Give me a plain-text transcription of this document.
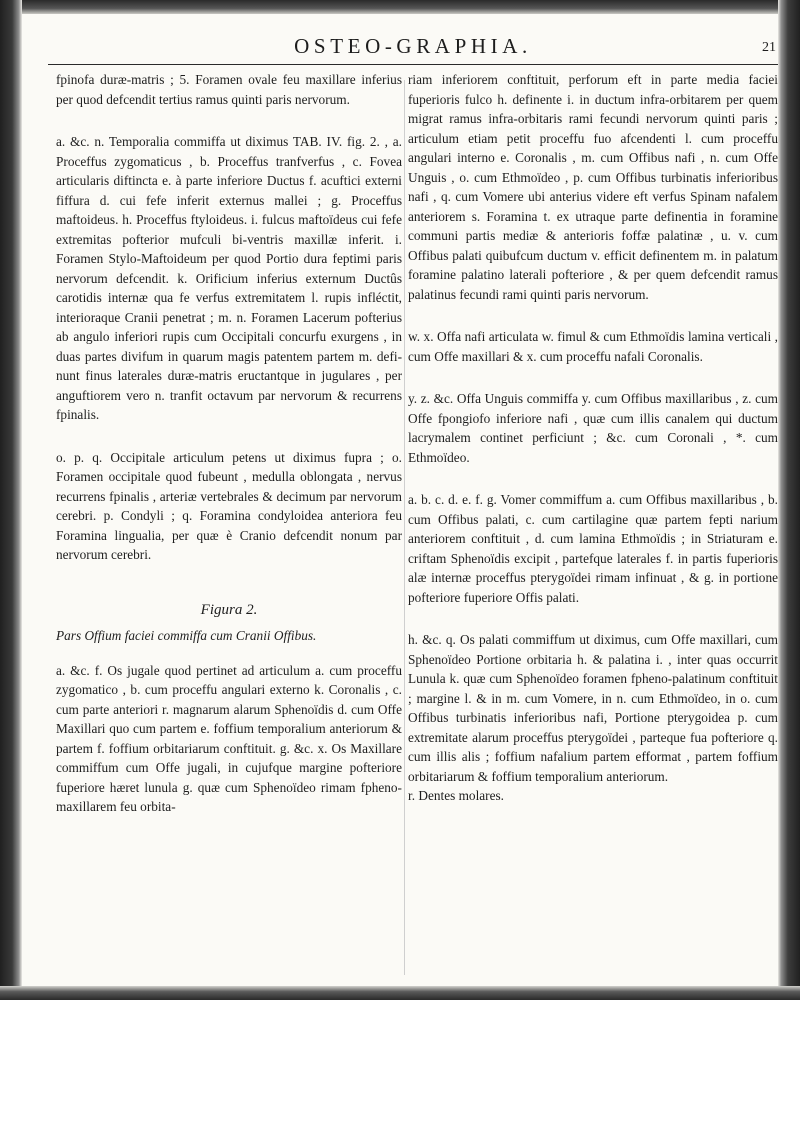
OSTEO-GRAPHIA.	21

fpinofa duræ-matris ; 5. Foramen ovale feu maxillare inferius per quod defcendit tertius ramus quinti paris nervorum.

a. &c. n. Temporalia commiffa ut diximus TAB. IV. fig. 2. , a. Proceffus zygomaticus , b. Proceffus tranfverfus , c. Fovea articularis diftincta e. à parte inferiore Ductus f. acuftici externi fiffura d. cui fefe inferit externus mallei ; g. Proceffus maftoideus. h. Proceffus ftyloideus. i. fulcus maftoïdeus cui fefe extremitas pofterior mufculi bi-ventris maxillæ inferit. i. Foramen Stylo-Maftoideum per quod Portio dura feptimi paris nervorum defcendit. k. Orificium inferius externum Ductûs carotidis internæ qua fe verfus extremitatem l. rupis infléctit, interioraque Cranii penetrat ; m. n. Foramen Lacerum pofterius ab angulo inferiori rupis cum Occipitali concurfu exurgens , in duas partes divifum in quarum magis patentem partem m. definunt finus laterales duræ-matris eructantque in jugulares , per anguftiorem vero n. tranfit octavum par nervorum & recurrens fpinalis.

o. p. q. Occipitale articulum petens ut diximus fupra ; o. Foramen occipitale quod fubeunt , medulla oblongata , nervus recurrens fpinalis , arteriæ vertebrales & decimum par nervorum cerebri. p. Condyli ; q. Foramina condyloidea anteriora feu Foramina lingualia, per quæ è Cranio defcendit nonum par nervorum cerebri.

Figura 2.

Pars Offium faciei commiffa cum Cranii Offibus.

a. &c. f. Os jugale quod pertinet ad articulum a. cum proceffu zygomatico , b. cum proceffu angulari externo k. Coronalis , c. cum parte anteriori r. magnarum alarum Sphenoïdis d. cum Offe Maxillari quo cum partem e. foffium temporalium anteriorum & partem f. foffium orbitariarum conftituit. g. &c. x. Os Maxillare commiffum cum Offe jugali, in cujufque margine pofteriore fuperiore hæret lunula g. quæ cum Sphenoïdeo rimam fpheno-maxillarem feu orbita-

riam inferiorem conftituit, perforum eft in parte media faciei fuperioris fulco h. definente i. in ductum infra-orbitarem per quem migrat ramus infra-orbitaris rami fecundi nervorum quinti paris ; articulum etiam petit proceffu fuo afcendenti l. cum proceffu angulari interno e. Coronalis , m. cum Offibus nafi , n. cum Offe Unguis , o. cum Ethmoïdeo , p. cum Offibus turbinatis inferioribus nafi , q. cum Vomere ubi anterius videre eft verfus Spinam nafalem anteriorem s. Foramina t. ex utraque parte definentia in foramine communi partis mediæ & anterioris foffæ palatinæ , u. v. cum Offibus palati quibufcum ductum v. efficit definentem m. in palatum foramine palatino laterali pofteriore , & per quem defcendit ramus palatinus fecundi rami quinti paris nervorum.

w. x. Offa nafi articulata w. fimul & cum Ethmoïdis lamina verticali , cum Offe maxillari & x. cum proceffu nafali Coronalis.

y. z. &c. Offa Unguis commiffa y. cum Offibus maxillaribus , z. cum Offe fpongiofo inferiore nafi , quæ cum illis canalem qui ductum lacrymalem continet perficiunt ; &c. cum Coronali , *. cum Ethmoïdeo.

a. b. c. d. e. f. g. Vomer commiffum a. cum Offibus maxillaribus , b. cum Offibus palati, c. cum cartilagine quæ partem fepti narium anteriorem conftituit , d. cum lamina Ethmoïdis ; in Striaturam e. criftam Sphenoïdis excipit , partefque laterales f. in partis fuperioris alæ internæ proceffus pterygoïdei rimam infinuat , & g. in portione pofteriore fuperiore Offis palati.

h. &c. q. Os palati commiffum ut diximus, cum Offe maxillari, cum Sphenoïdeo Portione orbitaria h. & palatina i. , inter quas occurrit Lunula k. quæ cum Sphenoïdeo foramen fpheno-palatinum conftituit ; margine l. & in m. cum Vomere, in n. cum Ethmoïdeo, in o. cum Offibus turbinatis inferioribus nafi, Portione pterygoidea p. cum extremitate alarum proceffus pterygoïdei , parteque fua pofteriore q. cum illis alis ; foffium nafalium partem efformat , partem foffium orbitariarum & foffium temporalium anteriorum.

r. Dentes molares.
